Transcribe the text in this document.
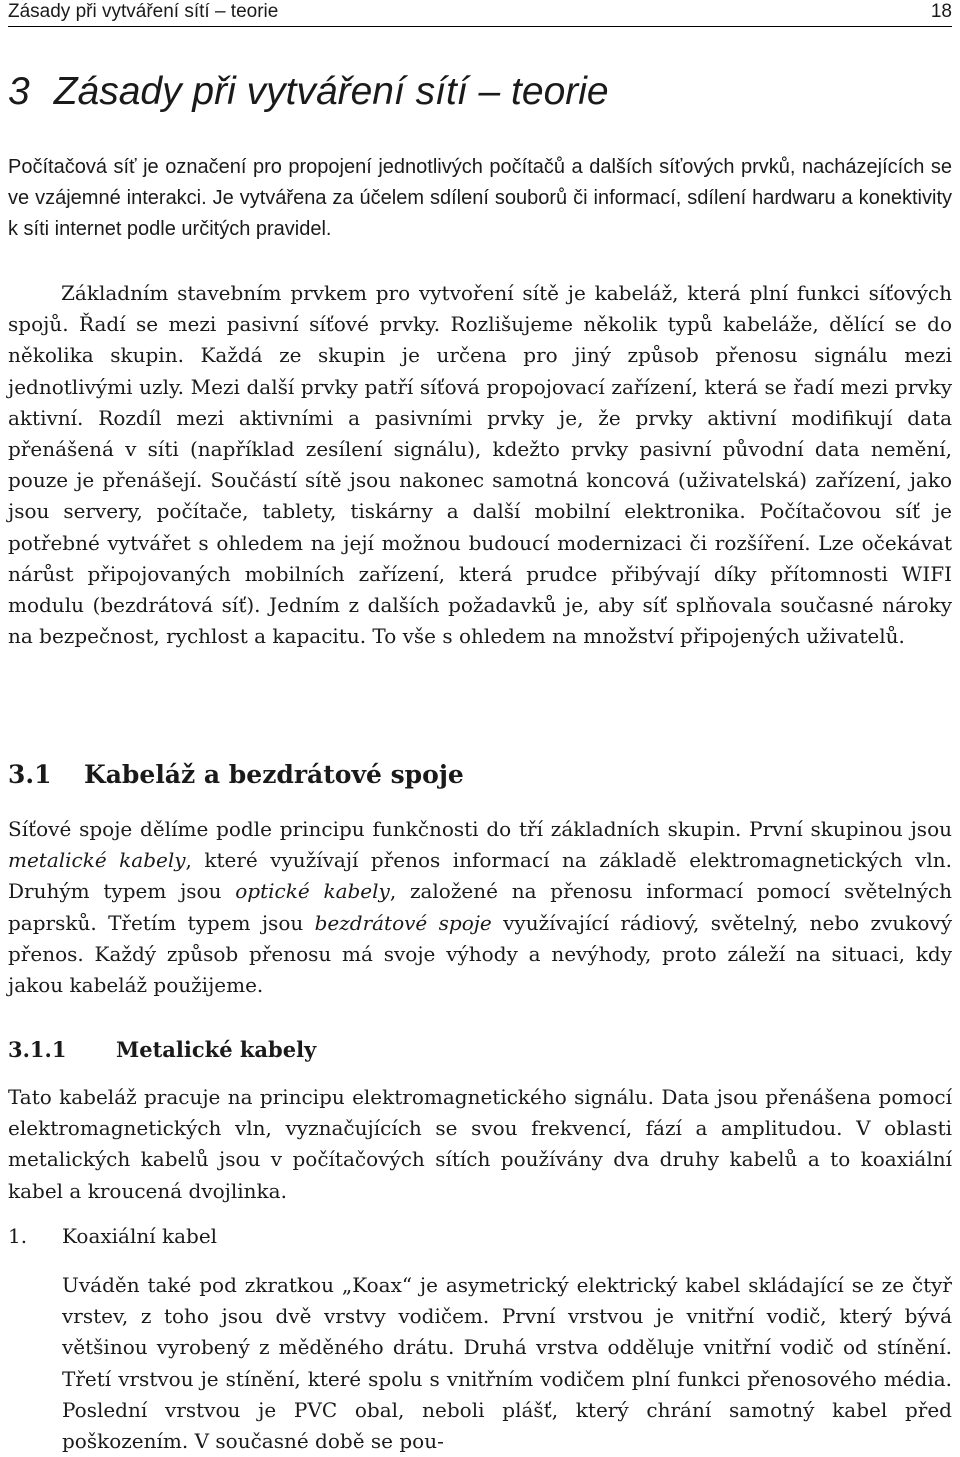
Zásady při vytváření sítí – teorie	18
3 Zásady při vytváření sítí – teorie

Počítačová síť je označení pro propojení jednotlivých počítačů a dalších síťových prvků, nacházejících se ve vzájemné interakci. Je vytvářena za účelem sdílení souborů či informací, sdílení hardwaru a konektivity k síti internet podle určitých pravidel.

Základním stavebním prvkem pro vytvoření sítě je kabeláž, která plní funkci síťových spojů. Řadí se mezi pasivní síťové prvky. Rozlišujeme několik typů kabeláže, dělící se do několika skupin. Každá ze skupin je určena pro jiný způsob přenosu signálu mezi jednotlivými uzly. Mezi další prvky patří síťová propojovací zařízení, která se řadí mezi prvky aktivní. Rozdíl mezi aktivními a pasivními prvky je, že prvky aktivní modifikují data přenášená v síti (například zesílení signálu), kdežto prvky pasivní původní data nemění, pouze je přenášejí. Součástí sítě jsou nakonec samotná koncová (uživatelská) zařízení, jako jsou servery, počítače, tablety, tiskárny a další mobilní elektronika. Počítačovou síť je potřebné vytvářet s ohledem na její možnou budoucí modernizaci či rozšíření. Lze očekávat nárůst připojovaných mobilních zařízení, která prudce přibývají díky přítomnosti WIFI modulu (bezdrátová síť). Jedním z dalších požadavků je, aby síť splňovala současné nároky na bezpečnost, rychlost a kapacitu. To vše s ohledem na množství připojených uživatelů.

3.1 Kabeláž a bezdrátové spoje

Síťové spoje dělíme podle principu funkčnosti do tří základních skupin. První skupinou jsou metalické kabely, které využívají přenos informací na základě elektromagnetických vln. Druhým typem jsou optické kabely, založené na přenosu informací pomocí světelných paprsků. Třetím typem jsou bezdrátové spoje využívající rádiový, světelný, nebo zvukový přenos. Každý způsob přenosu má svoje výhody a nevýhody, proto záleží na situaci, kdy jakou kabeláž použijeme.

3.1.1 Metalické kabely

Tato kabeláž pracuje na principu elektromagnetického signálu. Data jsou přenášena pomocí elektromagnetických vln, vyznačujících se svou frekvencí, fází a amplitudou. V oblasti metalických kabelů jsou v počítačových sítích používány dva druhy kabelů a to koaxiální kabel a kroucená dvojlinka.

1. Koaxiální kabel

Uváděn také pod zkratkou „Koax“ je asymetrický elektrický kabel skládající se ze čtyř vrstev, z toho jsou dvě vrstvy vodičem. První vrstvou je vnitřní vodič, který bývá většinou vyrobený z měděného drátu. Druhá vrstva odděluje vnitřní vodič od stínění. Třetí vrstvou je stínění, které spolu s vnitřním vodičem plní funkci přenosového média. Poslední vrstvou je PVC obal, neboli plášť, který chrání samotný kabel před poškozením. V současné době se pou-
